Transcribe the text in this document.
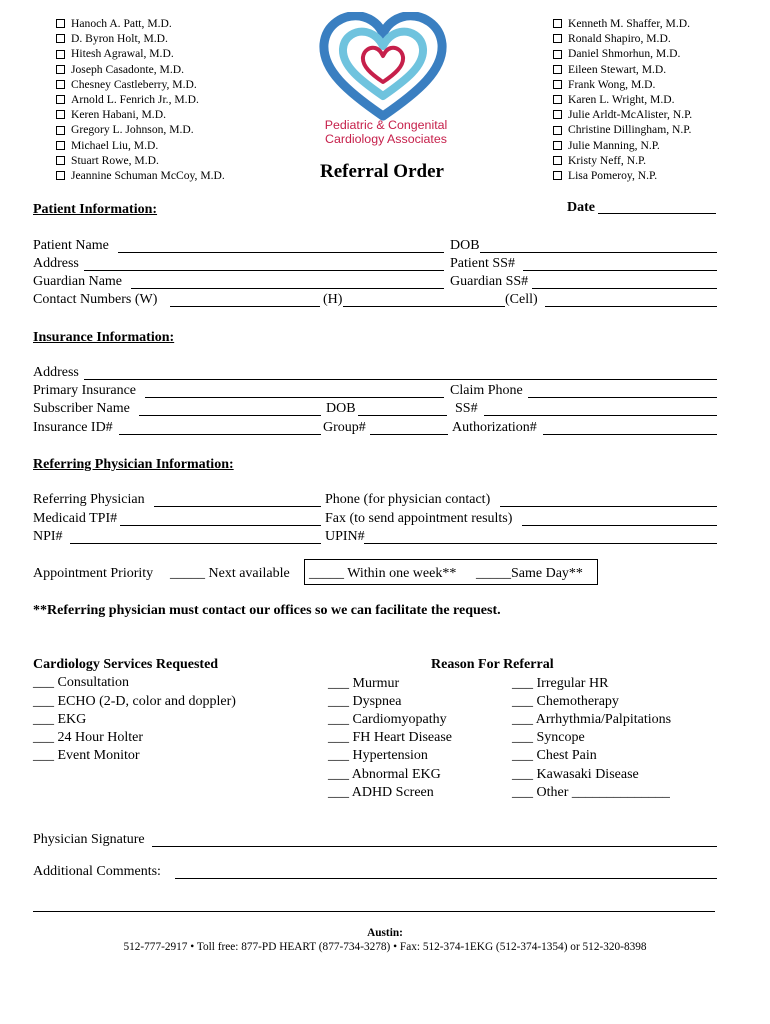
Hanoch A. Patt, M.D.
D. Byron Holt, M.D.
Hitesh Agrawal, M.D.
Joseph Casadonte, M.D.
Chesney Castleberry, M.D.
Arnold L. Fenrich Jr., M.D.
Keren Habani, M.D.
Gregory L. Johnson, M.D.
Michael Liu, M.D.
Stuart Rowe, M.D.
Jeannine Schuman McCoy, M.D.
Kenneth M. Shaffer, M.D.
Ronald Shapiro, M.D.
Daniel Shmorhun, M.D.
Eileen Stewart, M.D.
Frank Wong, M.D.
Karen L. Wright, M.D.
Julie Arldt-McAlister, N.P.
Christine Dillingham, N.P.
Julie Manning, N.P.
Kristy Neff, N.P.
Lisa Pomeroy, N.P.
Pediatric & Congenital
Cardiology Associates
Referral Order
Date
Patient Information:
Patient Name	DOB
Address	Patient SS#
Guardian Name	Guardian SS#
Contact Numbers (W)	(H)	(Cell)
Insurance Information:
Address
Primary Insurance	Claim Phone
Subscriber Name	DOB	SS#
Insurance ID#	Group#	Authorization#
Referring Physician Information:
Referring Physician	Phone (for physician contact)
Medicaid TPI#	Fax (to send appointment results)
NPI#	UPIN#
Appointment Priority _____ Next available _____ Within one week** _____Same Day**
**Referring physician must contact our offices so we can facilitate the request.
Cardiology Services Requested
___ Consultation
___ ECHO (2-D, color and doppler)
___ EKG
___ 24 Hour Holter
___ Event Monitor
Reason For Referral
___ Murmur
___ Dyspnea
___ Cardiomyopathy
___ FH Heart Disease
___ Hypertension
___ Abnormal EKG
___ ADHD Screen
___ Irregular HR
___ Chemotherapy
___ Arrhythmia/Palpitations
___ Syncope
___ Chest Pain
___ Kawasaki Disease
___ Other ______________
Physician Signature
Additional Comments:
Austin:
512-777-2917 • Toll free: 877-PD HEART (877-734-3278) • Fax: 512-374-1EKG (512-374-1354) or 512-320-8398
